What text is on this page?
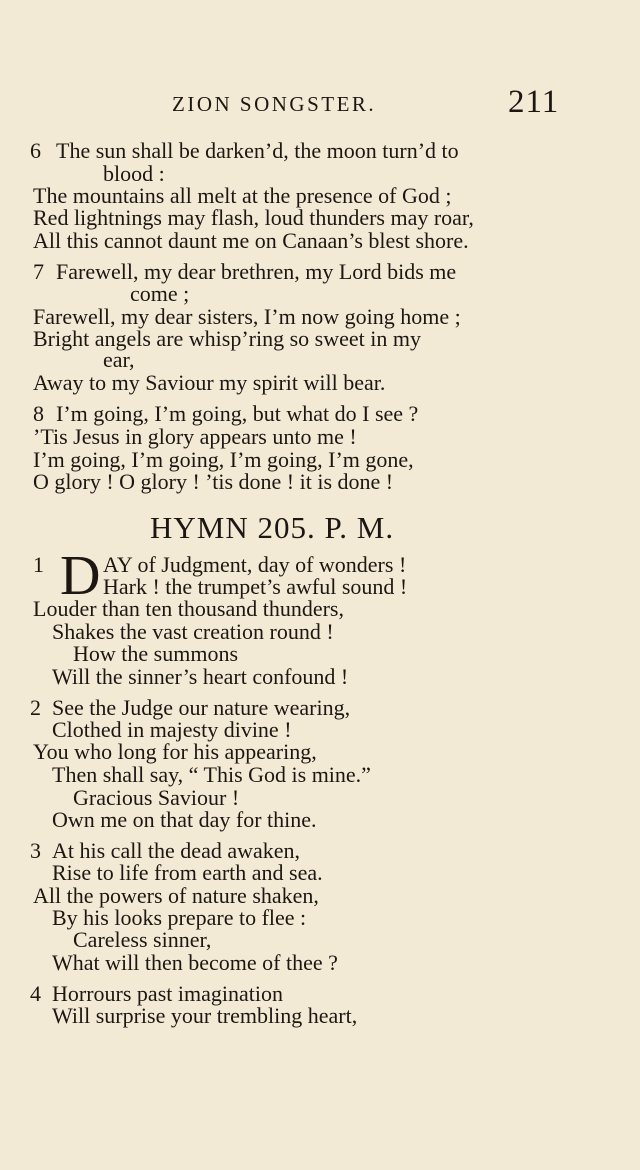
ZION SONGSTER.	211
6 The sun shall be darken’d, the moon turn’d to
blood :
The mountains all melt at the presence of God ;
Red lightnings may flash, loud thunders may roar,
All this cannot daunt me on Canaan’s blest shore.
7 Farewell, my dear brethren, my Lord bids me
come ;
Farewell, my dear sisters, I’m now going home ;
Bright angels are whisp’ring so sweet in my
ear,
Away to my Saviour my spirit will bear.
8 I’m going, I’m going, but what do I see ?
’Tis Jesus in glory appears unto me !
I’m going, I’m going, I’m going, I’m gone,
O glory ! O glory ! ’tis done ! it is done !
HYMN 205. P. M.
1 D AY of Judgment, day of wonders !
Hark ! the trumpet’s awful sound !
Louder than ten thousand thunders,
Shakes the vast creation round !
How the summons
Will the sinner’s heart confound !
2 See the Judge our nature wearing,
Clothed in majesty divine !
You who long for his appearing,
Then shall say, “ This God is mine.”
Gracious Saviour !
Own me on that day for thine.
3 At his call the dead awaken,
Rise to life from earth and sea.
All the powers of nature shaken,
By his looks prepare to flee :
Careless sinner,
What will then become of thee ?
4 Horrours past imagination
Will surprise your trembling heart,
